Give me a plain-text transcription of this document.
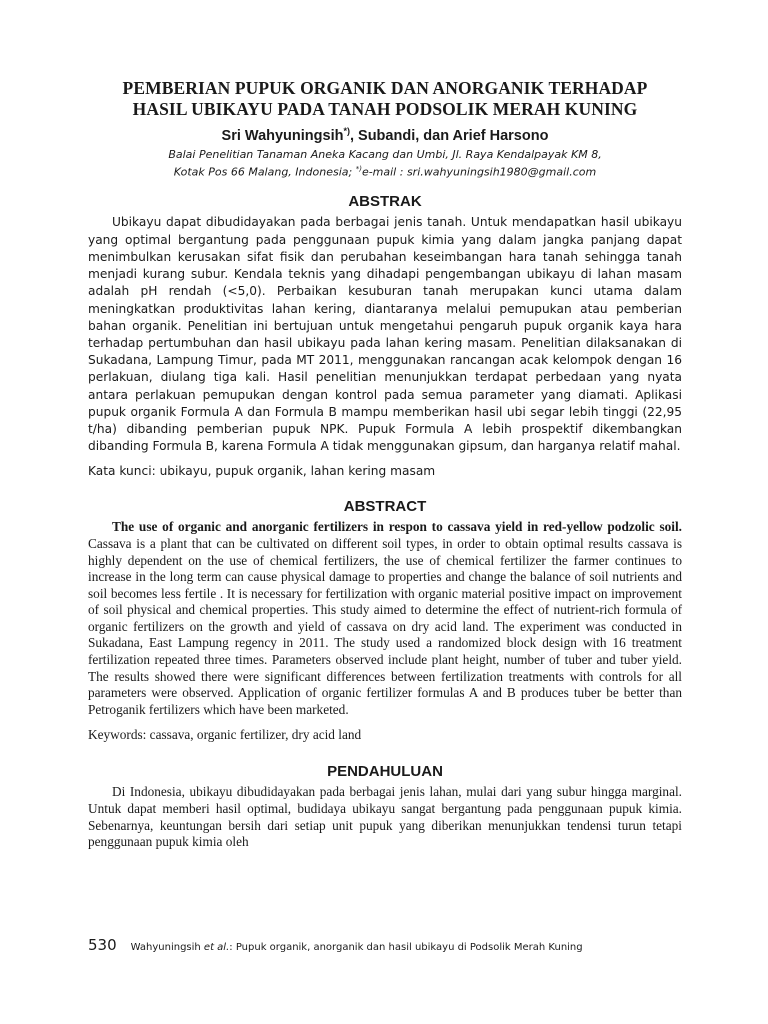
PEMBERIAN PUPUK ORGANIK DAN ANORGANIK TERHADAP
HASIL UBIKAYU PADA TANAH PODSOLIK MERAH KUNING

Sri Wahyuningsih*), Subandi, dan Arief Harsono

Balai Penelitian Tanaman Aneka Kacang dan Umbi, Jl. Raya Kendalpayak KM 8,
Kotak Pos 66 Malang, Indonesia; *)e-mail : sri.wahyuningsih1980@gmail.com

ABSTRAK

Ubikayu dapat dibudidayakan pada berbagai jenis tanah. Untuk mendapatkan hasil ubikayu yang optimal bergantung pada penggunaan pupuk kimia yang dalam jangka panjang dapat menimbulkan kerusakan sifat fisik dan perubahan keseimbangan hara tanah sehingga tanah menjadi kurang subur. Kendala teknis yang dihadapi pengembangan ubikayu di lahan masam adalah pH rendah (<5,0). Perbaikan kesuburan tanah merupakan kunci utama dalam meningkatkan produktivitas lahan kering, diantaranya melalui pemupukan atau pemberian bahan organik. Penelitian ini bertujuan untuk mengetahui pengaruh pupuk organik kaya hara terhadap pertumbuhan dan hasil ubikayu pada lahan kering masam. Penelitian dilaksanakan di Sukadana, Lampung Timur, pada MT 2011, menggunakan rancangan acak kelompok dengan 16 perlakuan, diulang tiga kali. Hasil penelitian menunjukkan terdapat perbedaan yang nyata antara perlakuan pemupukan dengan kontrol pada semua parameter yang diamati. Aplikasi pupuk organik Formula A dan Formula B mampu memberikan hasil ubi segar lebih tinggi (22,95 t/ha) dibanding pemberian pupuk NPK. Pupuk Formula A lebih prospektif dikembangkan dibanding Formula B, karena Formula A tidak menggunakan gipsum, dan harganya relatif mahal.

Kata kunci: ubikayu, pupuk organik, lahan kering masam

ABSTRACT

The use of organic and anorganic fertilizers in respon to cassava yield in red-yellow podzolic soil. Cassava is a plant that can be cultivated on different soil types, in order to obtain optimal results cassava is highly dependent on the use of chemical fertilizers, the use of chemical fertilizer the farmer continues to increase in the long term can cause physical damage to properties and change the balance of soil nutrients and soil becomes less fertile . It is necessary for fertilization with organic material positive impact on improvement of soil physical and chemical properties. This study aimed to determine the effect of nutrient-rich formula of organic fertilizers on the growth and yield of cassava on dry acid land. The experiment was conducted in Sukadana, East Lampung regency in 2011. The study used a randomized block design with 16 treatment fertilization repeated three times. Parameters observed include plant height, number of tuber and tuber yield. The results showed there were significant differences between fertilization treatments with controls for all parameters were observed. Application of organic fertilizer formulas A and B produces tuber be better than Petroganik fertilizers which have been marketed.

Keywords: cassava, organic fertilizer, dry acid land

PENDAHULUAN

Di Indonesia, ubikayu dibudidayakan pada berbagai jenis lahan, mulai dari yang subur hingga marginal. Untuk dapat memberi hasil optimal, budidaya ubikayu sangat bergantung pada penggunaan pupuk kimia. Sebenarnya, keuntungan bersih dari setiap unit pupuk yang diberikan menunjukkan tendensi turun tetapi penggunaan pupuk kimia oleh

530 Wahyuningsih et al.: Pupuk organik, anorganik dan hasil ubikayu di Podsolik Merah Kuning
